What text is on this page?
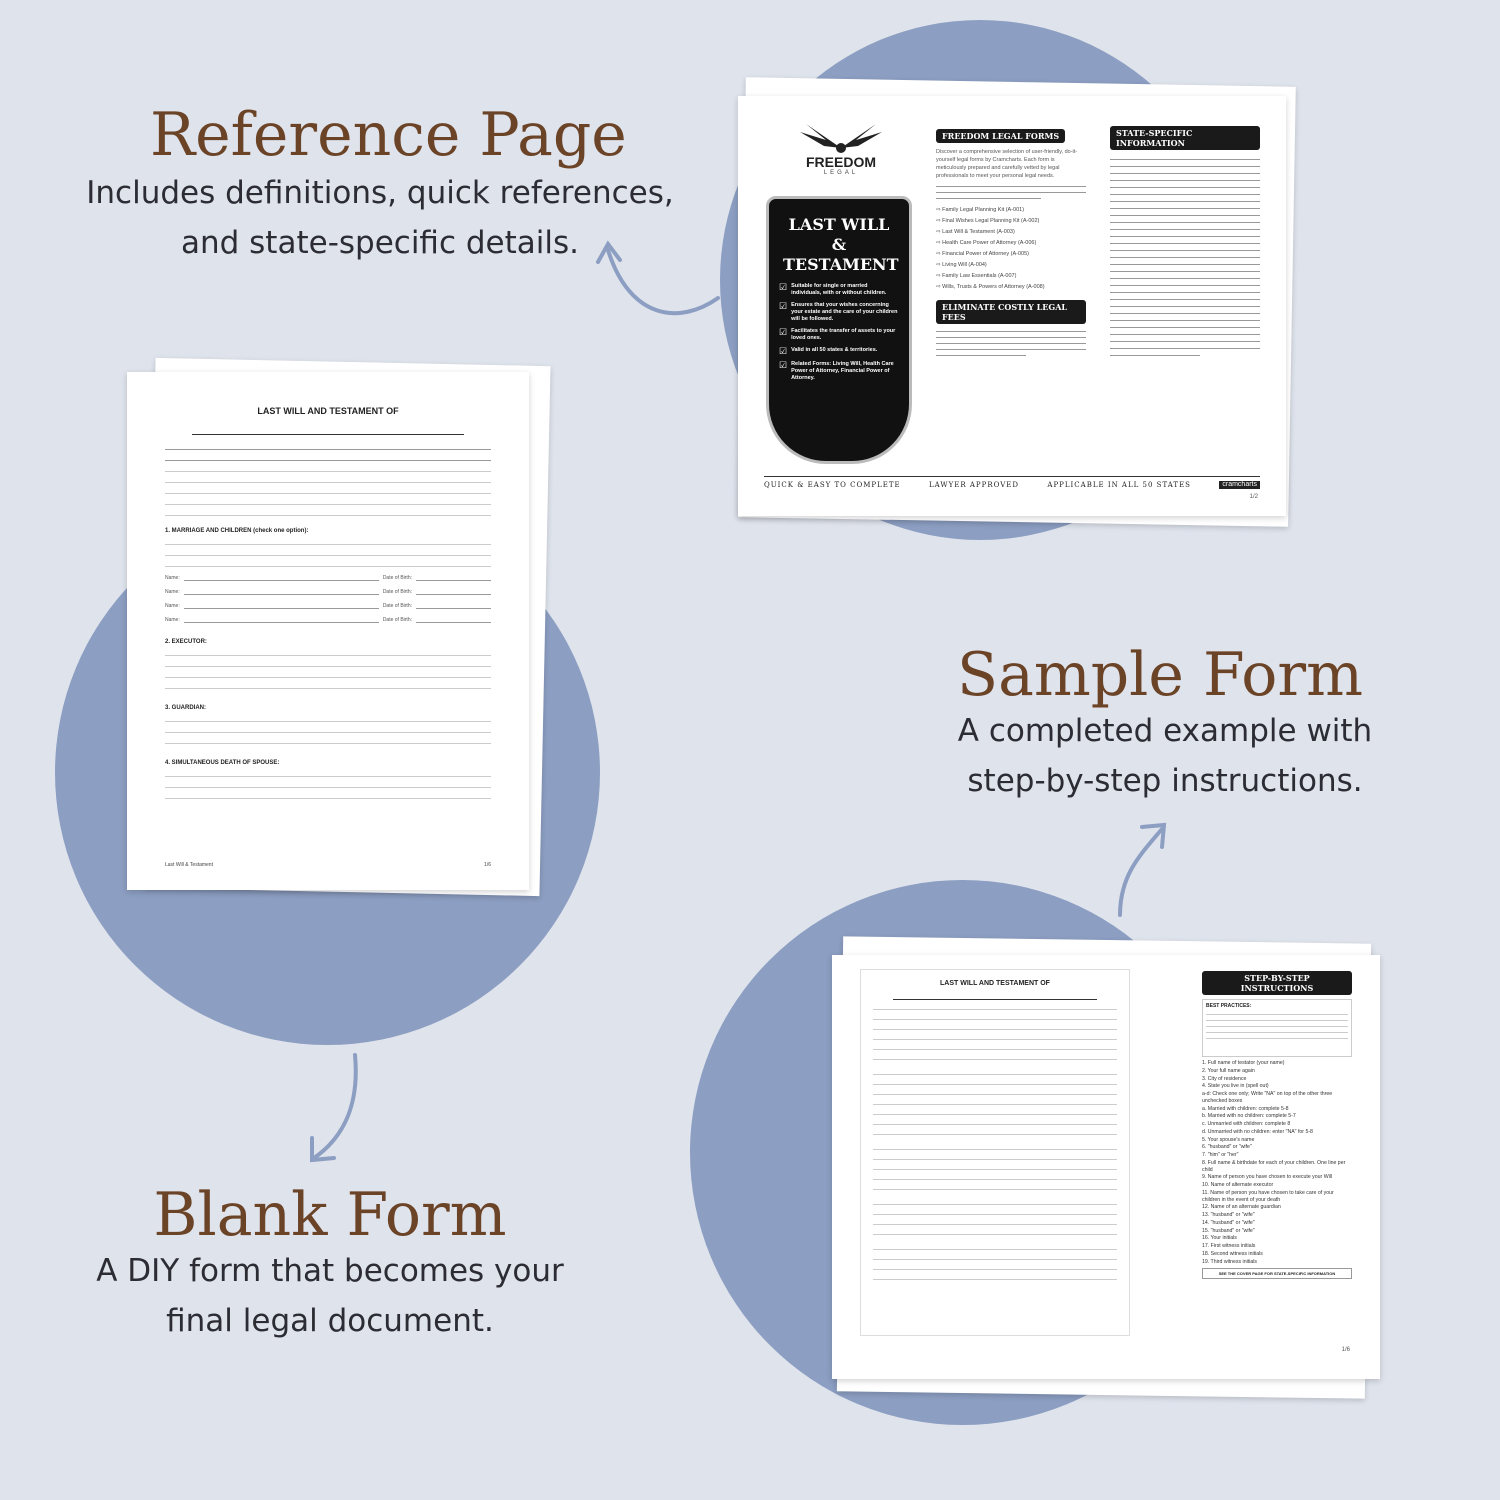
Reference Page
Includes definitions, quick references,
and state-specific details.
Sample Form
A completed example with
step-by-step instructions.
Blank Form
A DIY form that becomes your
final legal document.
FREEDOM
LEGAL
LAST WILL & TESTAMENT
☑ Suitable for single or married individuals, with or without children.
☑ Ensures that your wishes concerning your estate and the care of your children will be followed.
☑ Facilitates the transfer of assets to your loved ones.
☑ Valid in all 50 states & territories.
☑ Related Forms: Living Will, Health Care Power of Attorney, Financial Power of Attorney.
FREEDOM LEGAL FORMS
Discover a comprehensive selection of user-friendly, do-it-yourself legal forms by Cramcharts. Each form is meticulously prepared and carefully vetted by legal professionals to meet your personal legal needs.
⇨ Family Legal Planning Kit (A-001)
⇨ Final Wishes Legal Planning Kit (A-002)
⇨ Last Will & Testament (A-003)
⇨ Health Care Power of Attorney (A-006)
⇨ Financial Power of Attorney (A-005)
⇨ Living Will (A-004)
⇨ Family Law Essentials (A-007)
⇨ Wills, Trusts & Powers of Attorney (A-008)
ELIMINATE COSTLY LEGAL FEES
STATE-SPECIFIC INFORMATION
QUICK & EASY TO COMPLETE	LAWYER APPROVED	APPLICABLE IN ALL 50 STATES	cramcharts
1/2
LAST WILL AND TESTAMENT OF
1. MARRIAGE AND CHILDREN (check one option):
Name:	Date of Birth:
Name:	Date of Birth:
Name:	Date of Birth:
Name:	Date of Birth:
2. EXECUTOR:
3. GUARDIAN:
4. SIMULTANEOUS DEATH OF SPOUSE:
Last Will & Testament	1/6
LAST WILL AND TESTAMENT OF
STEP-BY-STEP INSTRUCTIONS
BEST PRACTICES:
1. Full name of testator (your name)
2. Your full name again
3. City of residence
4. State you live in (spell out)
a-d: Check one only; Write "NA" on top of the other three unchecked boxes
a. Married with children: complete 5-8
b. Married with no children: complete 5-7
c. Unmarried with children: complete 8
d. Unmarried with no children: enter "NA" for 5-8
5. Your spouse's name
6. "husband" or "wife"
7. "him" or "her"
8. Full name & birthdate for each of your children. One line per child
9. Name of person you have chosen to execute your Will
10. Name of alternate executor
11. Name of person you have chosen to take care of your children in the event of your death
12. Name of an alternate guardian
13. "husband" or "wife"
14. "husband" or "wife"
15. "husband" or "wife"
16. Your initials
17. First witness initials
18. Second witness initials
19. Third witness initials
SEE THE COVER PAGE FOR STATE-SPECIFIC INFORMATION
1/6
